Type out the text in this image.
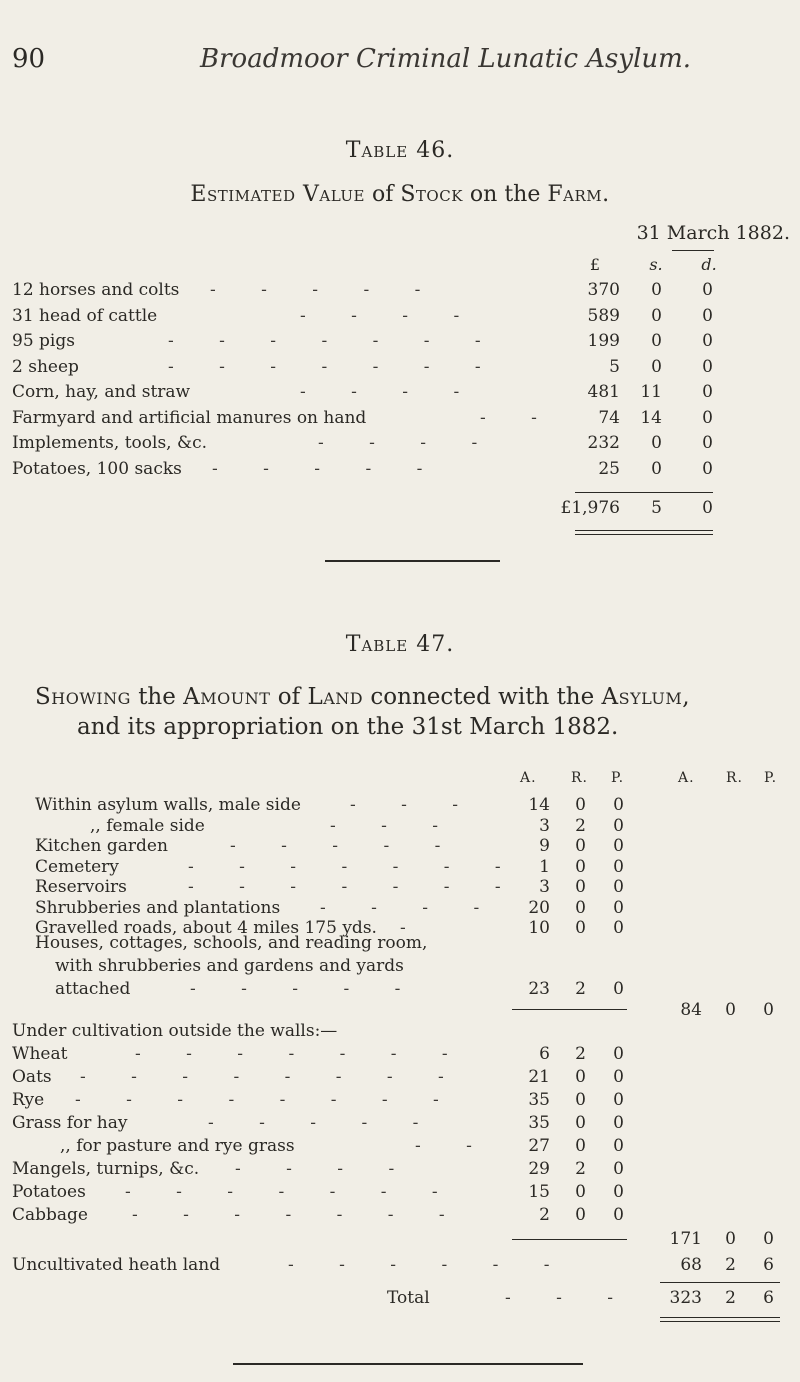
90	Broadmoor Criminal Lunatic Asylum.
Table 46.
Estimated Value of Stock on the Farm.
31 March 1882.
£	s.	d.
12 horses and colts - - - - -	370	0	0
31 head of cattle	- - - -	589	0	0
95 pigs	- - - - - - -	199	0	0
2 sheep	- - - - - - -	5	0	0
Corn, hay, and straw	- - - -	481	11	0
Farmyard and artificial manures on hand	- -	74	14	0
Implements, tools, &c.	- - - -	232	0	0
Potatoes, 100 sacks - - - - -	25	0	0
£1,976	5	0
Table 47.
Showing the Amount of Land connected with the Asylum,
and its appropriation on the 31st March 1882.
A. R. P.	A. R. P.
Within asylum walls, male side	- - -	14	0	0
,, female side	- - -	3	2	0
Kitchen garden	- - - - -	9	0	0
Cemetery	- - - - - - -	1	0	0
Reservoirs	- - - - - - -	3	0	0
Shrubberies and plantations - - - -	20	0	0
Gravelled roads, about 4 miles 175 yds. -	10	0	0
Houses, cottages, schools, and reading room,
with shrubberies and gardens and yards
attached	- - - - -	23	2	0
84	0	0
Under cultivation outside the walls:—
Wheat	- - - - - - -	6	2	0
Oats - - - - - - - -	21	0	0
Rye - - - - - - - -	35	0	0
Grass for hay	- - - - -	35	0	0
,, for pasture and rye grass	- -	27	0	0
Mangels, turnips, &c. - - - -	29	2	0
Potatoes - - - - - - -	15	0	0
Cabbage	- - - - - - -	2	0	0
171	0	0
Uncultivated heath land	- - - - - -	68	2	6
Total	- - -	323	2	6
